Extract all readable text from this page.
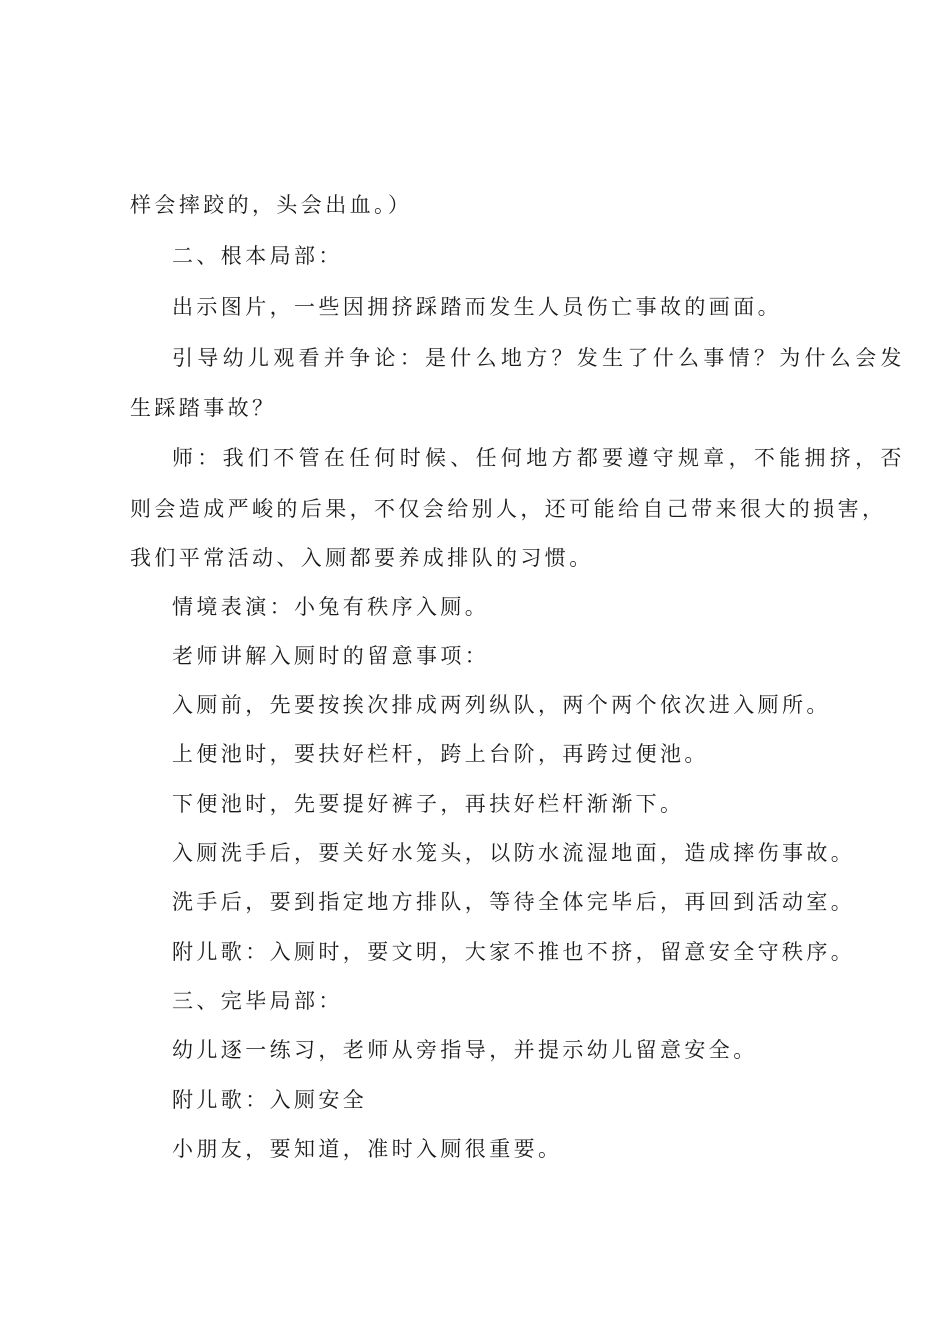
样会摔跤的，头会出血。）
二、根本局部：
出示图片，一些因拥挤踩踏而发生人员伤亡事故的画面。
引导幼儿观看并争论：是什么地方？发生了什么事情？为什么会发
生踩踏事故？
师：我们不管在任何时候、任何地方都要遵守规章，不能拥挤，否
则会造成严峻的后果，不仅会给别人，还可能给自己带来很大的损害，
我们平常活动、入厕都要养成排队的习惯。
情境表演：小兔有秩序入厕。
老师讲解入厕时的留意事项：
入厕前，先要按挨次排成两列纵队，两个两个依次进入厕所。
上便池时，要扶好栏杆，跨上台阶，再跨过便池。
下便池时，先要提好裤子，再扶好栏杆渐渐下。
入厕洗手后，要关好水笼头，以防水流湿地面，造成摔伤事故。
洗手后，要到指定地方排队，等待全体完毕后，再回到活动室。
附儿歌：入厕时，要文明，大家不推也不挤，留意安全守秩序。
三、完毕局部：
幼儿逐一练习，老师从旁指导，并提示幼儿留意安全。
附儿歌：入厕安全
小朋友，要知道，准时入厕很重要。
